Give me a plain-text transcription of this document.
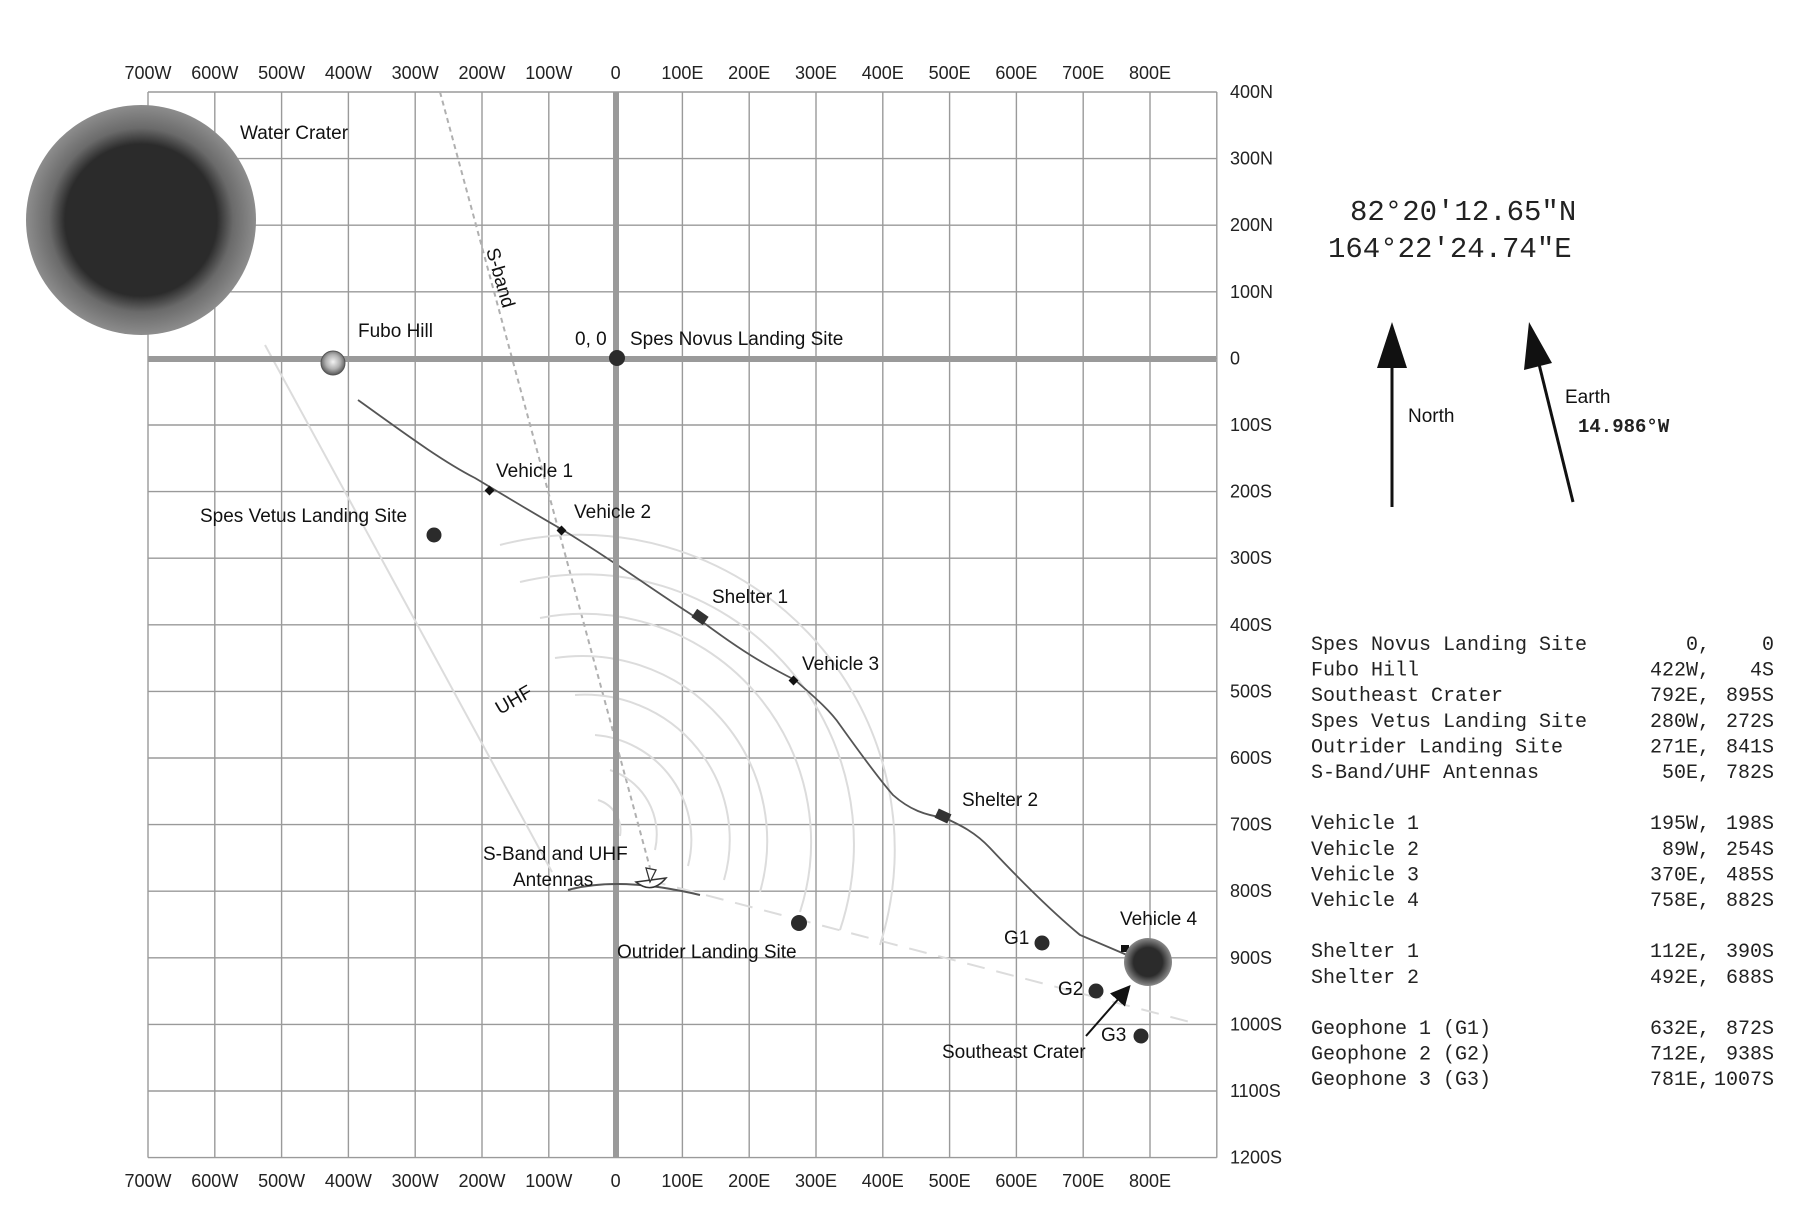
700W 600W 500W 400W 300W 200W 100W 0 100E 200E 300E 400E 500E 600E 700E 800E
700W 600W 500W 400W 300W 200W 100W 0 100E 200E 300E 400E 500E 600E 700E 800E
400N
300N
200N
100N
0
100S
200S
300S
400S
500S
600S
700S
800S
900S
1000S
1100S
1200S
Water Crater
S-band
UHF
Fubo Hill	0, 0 Spes Novus Landing Site
Spes Vetus Landing Site
Vehicle 1
Vehicle 2
Vehicle 3
Vehicle 4
Shelter 1
Shelter 2
S-Band and UHF
Antennas
Outrider Landing Site
G1
G2
G3
Southeast Crater
82°20′12.65″N
164°22′24.74″E
North
Earth
14.986°W
Spes Novus Landing Site	0,	0
Fubo Hill	422W, 4S
Southeast Crater	792E, 895S
Spes Vetus Landing Site	280W, 272S
Outrider Landing Site	271E, 841S
S-Band/UHF Antennas	50E, 782S
Vehicle 1	195W, 198S
Vehicle 2	89W, 254S
Vehicle 3	370E, 485S
Vehicle 4	758E, 882S
Shelter 1	112E, 390S
Shelter 2	492E, 688S
Geophone 1 (G1)	632E, 872S
Geophone 2 (G2)	712E, 938S
Geophone 3 (G3)	781E, 1007S
